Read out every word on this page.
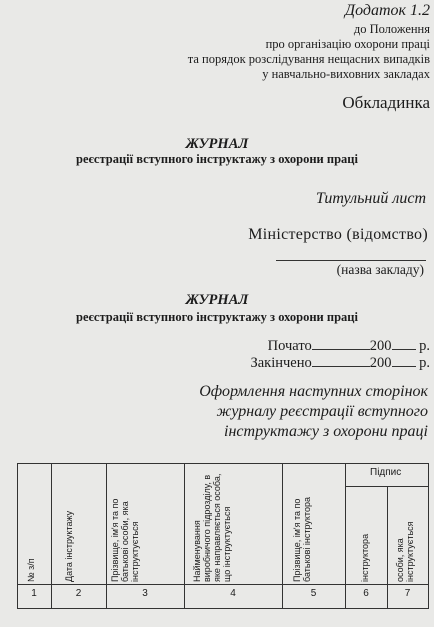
Додаток 1.2
до Положення
про організацію охорони праці
та порядок розслідування нещасних випадків
у навчально-виховних закладах
Обкладинка
ЖУРНАЛ
реєстрації вступного інструктажу з охорони праці
Титульний лист
Міністерство (відомство)
(назва закладу)
ЖУРНАЛ
реєстрації вступного інструктажу з охорони праці
Почато	200 р.
Закінчено	200 р.
Оформлення наступних сторінок
журналу реєстрації вступного
інструктажу з охорони праці
Підпис
№ з/п	Дата інструктажу	Прізвище, ім'я та по батькові особи, яка інструктується	Найменування виробничого підрозділу, в яке направляється особа, що інструктується	Прізвище, ім'я та по батькові інструктора	інструктора	особи, яка інструктується
1	2	3	4	5	6	7
